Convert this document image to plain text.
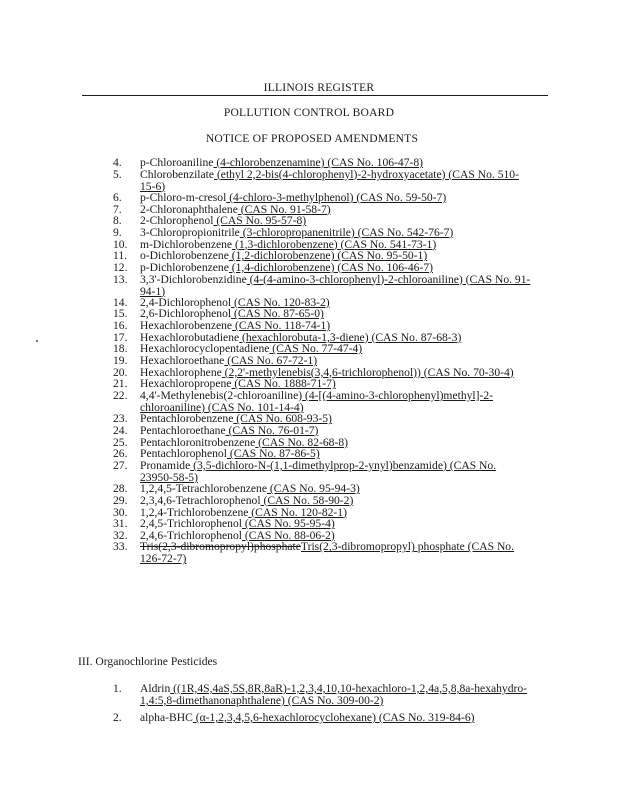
ILLINOIS REGISTER
POLLUTION CONTROL BOARD
NOTICE OF PROPOSED AMENDMENTS
4.	p-Chloroaniline (4-chlorobenzenamine) (CAS No. 106-47-8)
5.	Chlorobenzilate (ethyl 2,2-bis(4-chlorophenyl)-2-hydroxyacetate) (CAS No. 510-
15-6)
6.	p-Chloro-m-cresol (4-chloro-3-methylphenol) (CAS No. 59-50-7)
7.	2-Chloronaphthalene (CAS No. 91-58-7)
8.	2-Chlorophenol (CAS No. 95-57-8)
9.	3-Chloropropionitrile (3-chloropropanenitrile) (CAS No. 542-76-7)
10.	m-Dichlorobenzene (1,3-dichlorobenzene) (CAS No. 541-73-1)
11.	o-Dichlorobenzene (1,2-dichlorobenzene) (CAS No. 95-50-1)
12.	p-Dichlorobenzene (1,4-dichlorobenzene) (CAS No. 106-46-7)
13.	3,3'-Dichlorobenzidine (4-(4-amino-3-chlorophenyl)-2-chloroaniline) (CAS No. 91-
94-1)
14.	2,4-Dichlorophenol (CAS No. 120-83-2)
15.	2,6-Dichlorophenol (CAS No. 87-65-0)
16.	Hexachlorobenzene (CAS No. 118-74-1)
17.	Hexachlorobutadiene (hexachlorobuta-1,3-diene) (CAS No. 87-68-3)
18.	Hexachlorocyclopentadiene (CAS No. 77-47-4)
19.	Hexachloroethane (CAS No. 67-72-1)
20.	Hexachlorophene (2,2'-methylenebis(3,4,6-trichlorophenol)) (CAS No. 70-30-4)
21.	Hexachloropropene (CAS No. 1888-71-7)
22.	4,4'-Methylenebis(2-chloroaniline) (4-[(4-amino-3-chlorophenyl)methyl]-2-
chloroaniline) (CAS No. 101-14-4)
23.	Pentachlorobenzene (CAS No. 608-93-5)
24.	Pentachloroethane (CAS No. 76-01-7)
25.	Pentachloronitrobenzene (CAS No. 82-68-8)
26.	Pentachlorophenol (CAS No. 87-86-5)
27.	Pronamide (3,5-dichloro-N-(1,1-dimethylprop-2-ynyl)benzamide) (CAS No.
23950-58-5)
28.	1,2,4,5-Tetrachlorobenzene (CAS No. 95-94-3)
29.	2,3,4,6-Tetrachlorophenol (CAS No. 58-90-2)
30.	1,2,4-Trichlorobenzene (CAS No. 120-82-1)
31.	2,4,5-Trichlorophenol (CAS No. 95-95-4)
32.	2,4,6-Trichlorophenol (CAS No. 88-06-2)
33.	Tris(2,3-dibromopropyl)phosphateTris(2,3-dibromopropyl) phosphate (CAS No.
126-72-7)
III. Organochlorine Pesticides
1.	Aldrin ((1R,4S,4aS,5S,8R,8aR)-1,2,3,4,10,10-hexachloro-1,2,4a,5,8,8a-hexahydro-
1,4:5,8-dimethanonaphthalene) (CAS No. 309-00-2)
2.	alpha-BHC (α-1,2,3,4,5,6-hexachlorocyclohexane) (CAS No. 319-84-6)
